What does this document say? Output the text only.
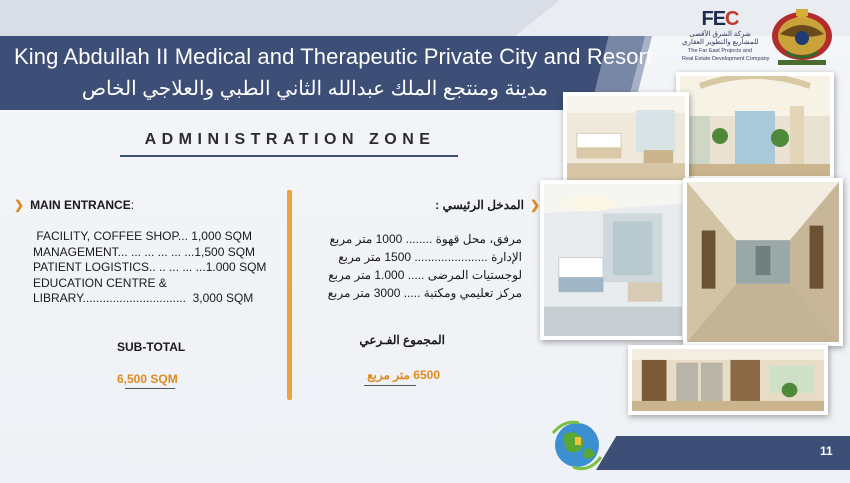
King Abdullah II Medical and Therapeutic Private City and Resort
مدينة ومنتجع الملك عبدالله الثاني الطبي والعلاجي الخاص
FEC
شركة الشرق الأقصى
للمشاريع والتطوير العقاري
The Far East Projects and
Real Estate Development Company
ADMINISTRATION ZONE
❯ MAIN ENTRANCE:
FACILITY, COFFEE SHOP... 1,000 SQM
MANAGEMENT... ... ... ... ... ...1,500 SQM
PATIENT LOGISTICS.. .. ... ... ...1.000 SQM
EDUCATION CENTRE &
LIBRARY...............................  3,000 SQM
SUB-TOTAL
6,500 SQM
❮المدخل الرئيسي :
مرفق، محل قهوة ........ 1000 متر مربع
الإدارة ...................... 1500 متر مربع
لوجستيات المرضى ..... 1.000 متر مربع
مركز تعليمي ومكتبة ..... 3000 متر مربع
المجموع الفـرعي
6500 متر مربع
11
